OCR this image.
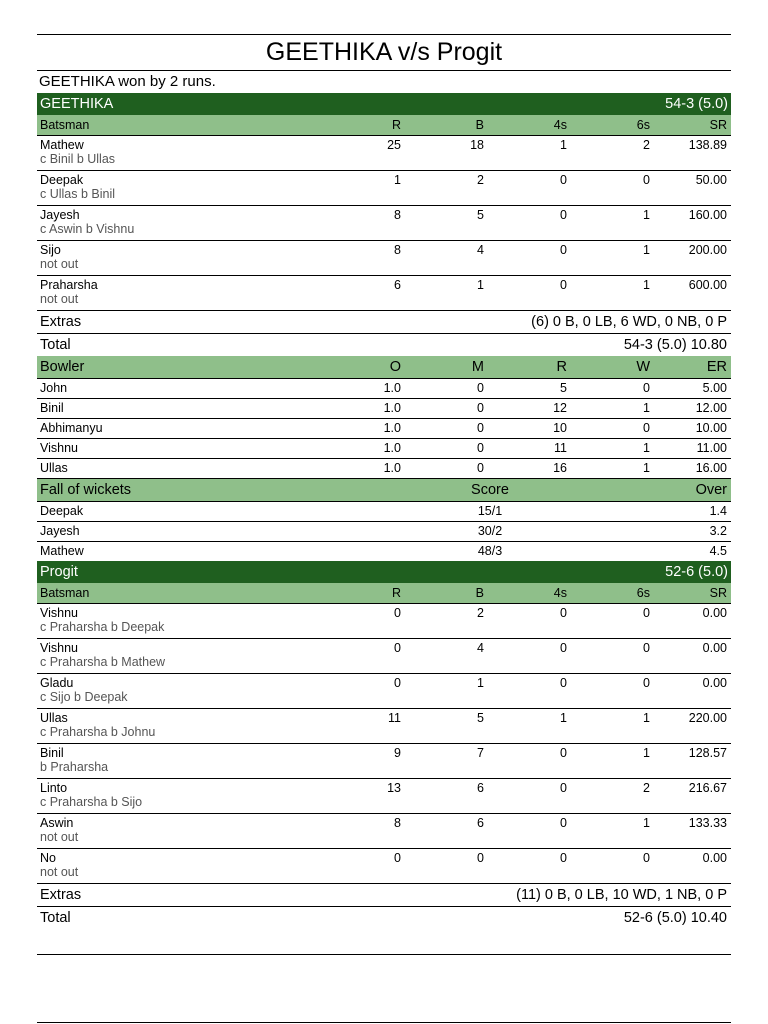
GEETHIKA v/s Progit
GEETHIKA won by 2 runs.
GEETHIKA	54-3 (5.0)
Batsman	R	B	4s	6s	SR
Mathew	25	18	1	2	138.89
c Binil b Ullas
Deepak	1	2	0	0	50.00
c Ullas b Binil
Jayesh	8	5	0	1	160.00
c Aswin b Vishnu
Sijo	8	4	0	1	200.00
not out
Praharsha	6	1	0	1	600.00
not out
Extras	(6) 0 B, 0 LB, 6 WD, 0 NB, 0 P
Total	54-3 (5.0) 10.80
Bowler	O	M	R	W	ER
John	1.0	0	5	0	5.00
Binil	1.0	0	12	1	12.00
Abhimanyu	1.0	0	10	0	10.00
Vishnu	1.0	0	11	1	11.00
Ullas	1.0	0	16	1	16.00
Fall of wickets	Score	Over
Deepak	15/1	1.4
Jayesh	30/2	3.2
Mathew	48/3	4.5
Progit	52-6 (5.0)
Batsman	R	B	4s	6s	SR
Vishnu	0	2	0	0	0.00
c Praharsha b Deepak
Vishnu	0	4	0	0	0.00
c Praharsha b Mathew
Gladu	0	1	0	0	0.00
c Sijo b Deepak
Ullas	11	5	1	1	220.00
c Praharsha b Johnu
Binil	9	7	0	1	128.57
b Praharsha
Linto	13	6	0	2	216.67
c Praharsha b Sijo
Aswin	8	6	0	1	133.33
not out
No	0	0	0	0	0.00
not out
Extras	(11) 0 B, 0 LB, 10 WD, 1 NB, 0 P
Total	52-6 (5.0) 10.40
